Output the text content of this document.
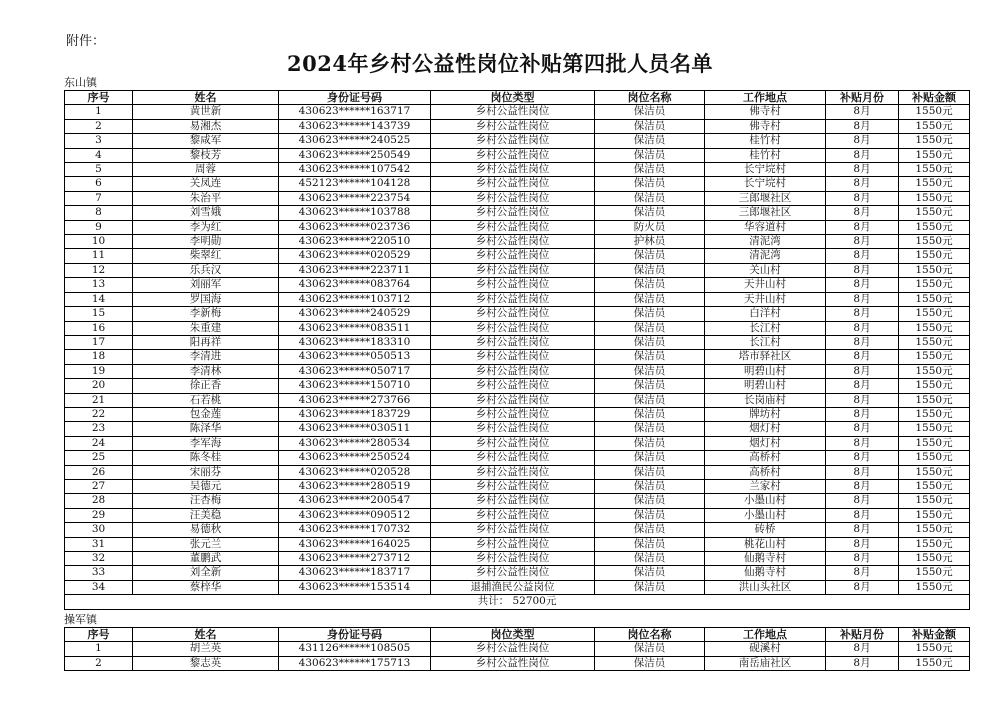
附件：
2024年乡村公益性岗位补贴第四批人员名单
东山镇
序号	姓名	身份证号码	岗位类型	岗位名称	工作地点	补贴月份	补贴金额
1	黄世新	430623******163717	乡村公益性岗位	保洁员	佛寺村	8月	1550元
2	易湘杰	430623******143739	乡村公益性岗位	保洁员	佛寺村	8月	1550元
3	黎咸军	430623******240525	乡村公益性岗位	保洁员	桂竹村	8月	1550元
4	黎枝芳	430623******250549	乡村公益性岗位	保洁员	桂竹村	8月	1550元
5	周蓉	430623******107542	乡村公益性岗位	保洁员	长宁垸村	8月	1550元
6	关凤连	452123******104128	乡村公益性岗位	保洁员	长宁垸村	8月	1550元
7	朱治平	430623******223754	乡村公益性岗位	保洁员	三郎堰社区	8月	1550元
8	刘雪娥	430623******103788	乡村公益性岗位	保洁员	三郎堰社区	8月	1550元
9	李为红	430623******023736	乡村公益性岗位	防火员	华容道村	8月	1550元
10	李明勋	430623******220510	乡村公益性岗位	护林员	清泥湾	8月	1550元
11	柴翠红	430623******020529	乡村公益性岗位	保洁员	清泥湾	8月	1550元
12	乐兵汉	430623******223711	乡村公益性岗位	保洁员	关山村	8月	1550元
13	刘丽军	430623******083764	乡村公益性岗位	保洁员	天井山村	8月	1550元
14	罗国海	430623******103712	乡村公益性岗位	保洁员	天井山村	8月	1550元
15	李新梅	430623******240529	乡村公益性岗位	保洁员	白洋村	8月	1550元
16	朱重建	430623******083511	乡村公益性岗位	保洁员	长江村	8月	1550元
17	阳再祥	430623******183310	乡村公益性岗位	保洁员	长江村	8月	1550元
18	李清进	430623******050513	乡村公益性岗位	保洁员	塔市驿社区	8月	1550元
19	李清林	430623******050717	乡村公益性岗位	保洁员	明碧山村	8月	1550元
20	徐正香	430623******150710	乡村公益性岗位	保洁员	明碧山村	8月	1550元
21	石若桃	430623******273766	乡村公益性岗位	保洁员	长岗庙村	8月	1550元
22	包金莲	430623******183729	乡村公益性岗位	保洁员	牌坊村	8月	1550元
23	陈泽华	430623******030511	乡村公益性岗位	保洁员	烟灯村	8月	1550元
24	李军海	430623******280534	乡村公益性岗位	保洁员	烟灯村	8月	1550元
25	陈冬桂	430623******250524	乡村公益性岗位	保洁员	高桥村	8月	1550元
26	宋丽芬	430623******020528	乡村公益性岗位	保洁员	高桥村	8月	1550元
27	吴德元	430623******280519	乡村公益性岗位	保洁员	兰家村	8月	1550元
28	汪杏梅	430623******200547	乡村公益性岗位	保洁员	小墨山村	8月	1550元
29	汪美稳	430623******090512	乡村公益性岗位	保洁员	小墨山村	8月	1550元
30	易德秋	430623******170732	乡村公益性岗位	保洁员	砖桥	8月	1550元
31	张元兰	430623******164025	乡村公益性岗位	保洁员	桃花山村	8月	1550元
32	董鹏武	430623******273712	乡村公益性岗位	保洁员	仙鹅寺村	8月	1550元
33	刘全新	430623******183717	乡村公益性岗位	保洁员	仙鹅寺村	8月	1550元
34	蔡梓华	430623******153514	退捕渔民公益岗位	保洁员	洪山头社区	8月	1550元
共计： 52700元							
操军镇
序号	姓名	身份证号码	岗位类型	岗位名称	工作地点	补贴月份	补贴金额
1	胡兰英	431126******108505	乡村公益性岗位	保洁员	砚溪村	8月	1550元
2	黎志英	430623******175713	乡村公益性岗位	保洁员	南岳庙社区	8月	1550元
